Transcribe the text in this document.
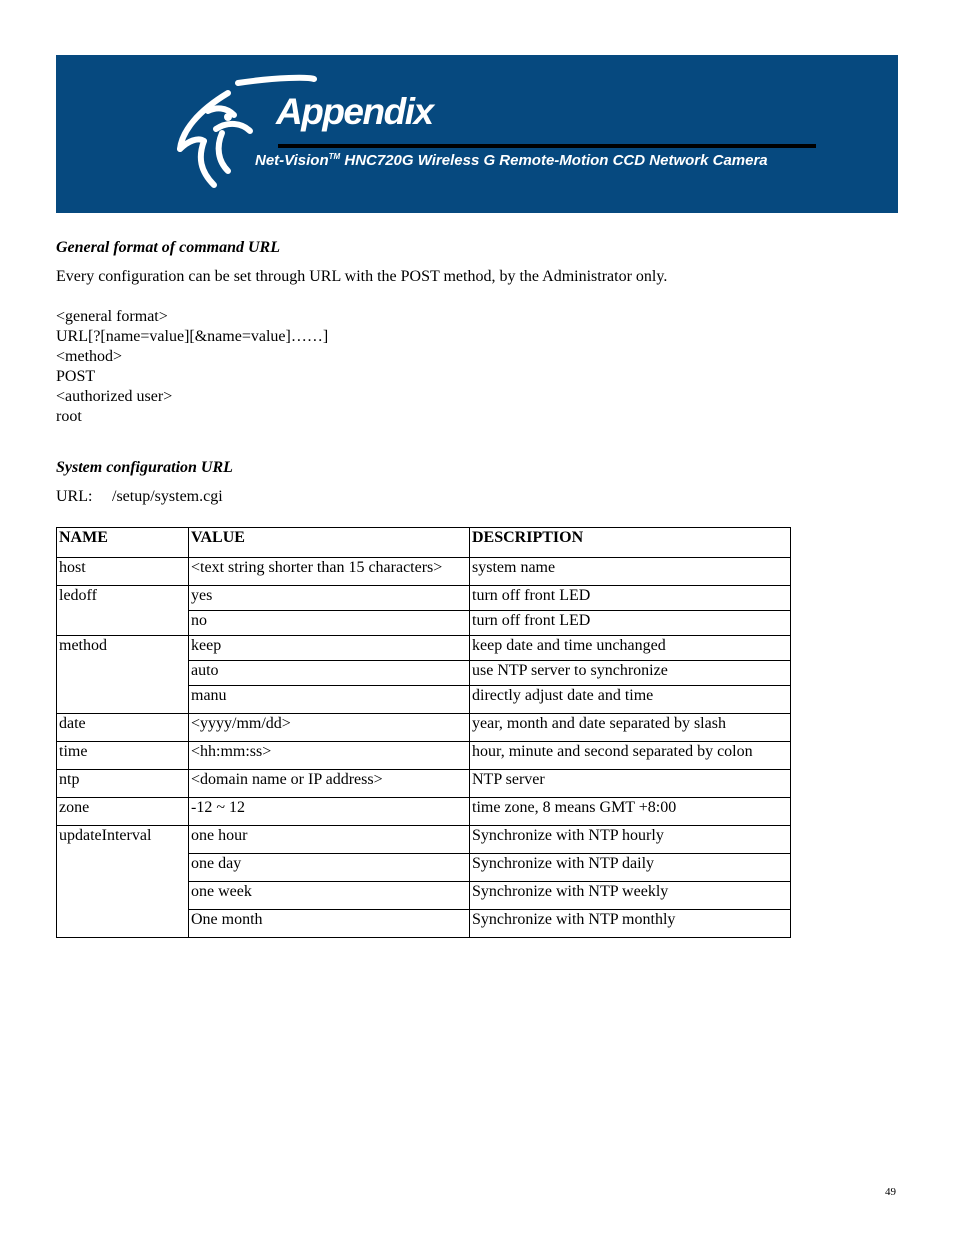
Appendix
Net-Vision™ HNC720G Wireless G Remote-Motion CCD Network Camera
General format of command URL
Every configuration can be set through URL with the POST method, by the Administrator only.
<general format>
URL[?[name=value][&name=value]……]
<method>
POST
<authorized user>
root
System configuration URL
URL: /setup/system.cgi
NAME	VALUE	DESCRIPTION
host	<text string shorter than 15 characters>	system name
ledoff	yes	turn off front LED
	no	turn off front LED
method	keep	keep date and time unchanged
	auto	use NTP server to synchronize
	manu	directly adjust date and time
date	<yyyy/mm/dd>	year, month and date separated by slash
time	<hh:mm:ss>	hour, minute and second separated by colon
ntp	<domain name or IP address>	NTP server
zone	-12 ~ 12	time zone, 8 means GMT +8:00
updateInterval	one hour	Synchronize with NTP hourly
	one day	Synchronize with NTP daily
	one week	Synchronize with NTP weekly
	One month	Synchronize with NTP monthly
49
